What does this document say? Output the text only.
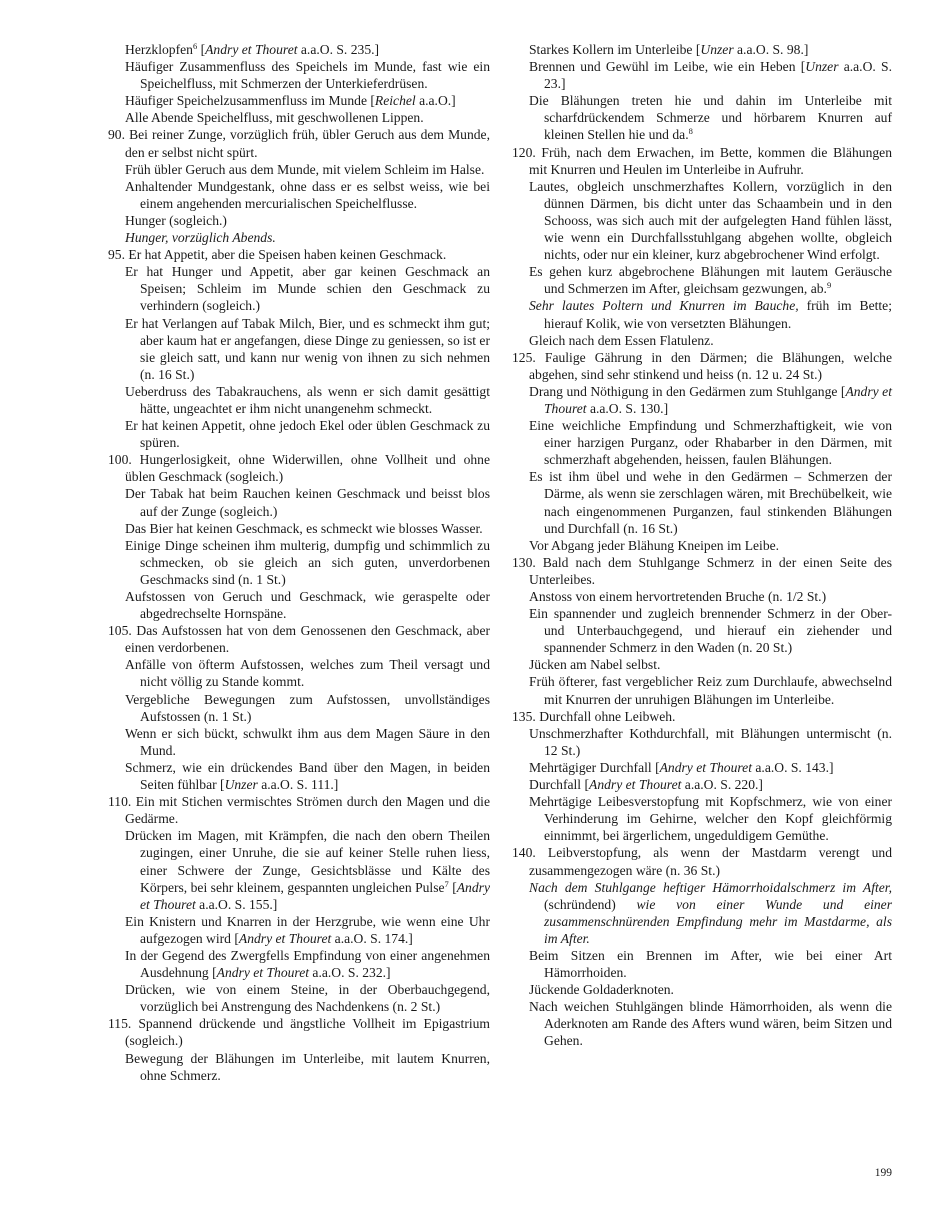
Herzklopfen$^6$ [Andry et Thouret a.a.O. S. 235.]
Häufiger Zusammenfluss des Speichels im Munde, fast wie ein Speichelfluss, mit Schmerzen der Unterkieferdrüsen.
Häufiger Speichelzusammenfluss im Munde [Reichel a.a.O.]
Alle Abende Speichelfluss, mit geschwollenen Lippen.
90. Bei reiner Zunge, vorzüglich früh, übler Geruch aus dem Munde, den er selbst nicht spürt.
Früh übler Geruch aus dem Munde, mit vielem Schleim im Halse.
Anhaltender Mundgestank, ohne dass er es selbst weiss, wie bei einem angehenden mercurialischen Speichelflusse.
Hunger (sogleich.)
Hunger, vorzüglich Abends.
95. Er hat Appetit, aber die Speisen haben keinen Geschmack.
Er hat Hunger und Appetit, aber gar keinen Geschmack an Speisen; Schleim im Munde schien den Geschmack zu verhindern (sogleich.)
Er hat Verlangen auf Tabak Milch, Bier, und es schmeckt ihm gut; aber kaum hat er angefangen, diese Dinge zu geniessen, so ist er sie gleich satt, und kann nur wenig von ihnen zu sich nehmen (n. 16 St.)
Ueberdruss des Tabakrauchens, als wenn er sich damit gesättigt hätte, ungeachtet er ihm nicht unangenehm schmeckt.
Er hat keinen Appetit, ohne jedoch Ekel oder üblen Geschmack zu spüren.
100. Hungerlosigkeit, ohne Widerwillen, ohne Vollheit und ohne üblen Geschmack (sogleich.)
Der Tabak hat beim Rauchen keinen Geschmack und beisst blos auf der Zunge (sogleich.)
Das Bier hat keinen Geschmack, es schmeckt wie blosses Wasser.
Einige Dinge scheinen ihm multerig, dumpfig und schimmlich zu schmecken, ob sie gleich an sich guten, unverdorbenen Geschmacks sind (n. 1 St.)
Aufstossen von Geruch und Geschmack, wie geraspelte oder abgedrechselte Hornspäne.
105. Das Aufstossen hat von dem Genossenen den Geschmack, aber einen verdorbenen.
Anfälle von öfterm Aufstossen, welches zum Theil versagt und nicht völlig zu Stande kommt.
Vergebliche Bewegungen zum Aufstossen, unvollständiges Aufstossen (n. 1 St.)
Wenn er sich bückt, schwulkt ihm aus dem Magen Säure in den Mund.
Schmerz, wie ein drückendes Band über den Magen, in beiden Seiten fühlbar [Unzer a.a.O. S. 111.]
110. Ein mit Stichen vermischtes Strömen durch den Magen und die Gedärme.
Drücken im Magen, mit Krämpfen, die nach den obern Theilen zugingen, einer Unruhe, die sie auf keiner Stelle ruhen liess, einer Schwere der Zunge, Gesichtsblässe und Kälte des Körpers, bei sehr kleinem, gespannten ungleichen Pulse$^7$ [Andry et Thouret a.a.O. S. 155.]
Ein Knistern und Knarren in der Herzgrube, wie wenn eine Uhr aufgezogen wird [Andry et Thouret a.a.O. S. 174.]
In der Gegend des Zwergfells Empfindung von einer angenehmen Ausdehnung [Andry et Thouret a.a.O. S. 232.]
Drücken, wie von einem Steine, in der Oberbauchgegend, vorzüglich bei Anstrengung des Nachdenkens (n. 2 St.)
115. Spannend drückende und ängstliche Vollheit im Epigastrium (sogleich.)
Bewegung der Blähungen im Unterleibe, mit lautem Knurren, ohne Schmerz.
Starkes Kollern im Unterleibe [Unzer a.a.O. S. 98.]
Brennen und Gewühl im Leibe, wie ein Heben [Unzer a.a.O. S. 23.]
Die Blähungen treten hie und dahin im Unterleibe mit scharfdrückendem Schmerze und hörbarem Knurren auf kleinen Stellen hie und da.$^8$
120. Früh, nach dem Erwachen, im Bette, kommen die Blähungen mit Knurren und Heulen im Unterleibe in Aufruhr.
Lautes, obgleich unschmerzhaftes Kollern, vorzüglich in den dünnen Därmen, bis dicht unter das Schaambein und in den Schooss, was sich auch mit der aufgelegten Hand fühlen lässt, wie wenn ein Durchfallsstuhlgang abgehen wollte, obgleich nichts, oder nur ein kleiner, kurz abgebrochener Wind erfolgt.
Es gehen kurz abgebrochene Blähungen mit lautem Geräusche und Schmerzen im After, gleichsam gezwungen, ab.$^9$
Sehr lautes Poltern und Knurren im Bauche, früh im Bette; hierauf Kolik, wie von versetzten Blähungen.
Gleich nach dem Essen Flatulenz.
125. Faulige Gährung in den Därmen; die Blähungen, welche abgehen, sind sehr stinkend und heiss (n. 12 u. 24 St.)
Drang und Nöthigung in den Gedärmen zum Stuhlgange [Andry et Thouret a.a.O. S. 130.]
Eine weichliche Empfindung und Schmerzhaftigkeit, wie von einer harzigen Purganz, oder Rhabarber in den Därmen, mit schmerzhaft abgehenden, heissen, faulen Blähungen.
Es ist ihm übel und wehe in den Gedärmen – Schmerzen der Därme, als wenn sie zerschlagen wären, mit Brechübelkeit, wie nach eingenommenen Purganzen, faul stinkenden Blähungen und Durchfall (n. 16 St.)
Vor Abgang jeder Blähung Kneipen im Leibe.
130. Bald nach dem Stuhlgange Schmerz in der einen Seite des Unterleibes.
Anstoss von einem hervortretenden Bruche (n. 1/2 St.)
Ein spannender und zugleich brennender Schmerz in der Ober- und Unterbauchgegend, und hierauf ein ziehender und spannender Schmerz in den Waden (n. 20 St.)
Jücken am Nabel selbst.
Früh öfterer, fast vergeblicher Reiz zum Durchlaufe, abwechselnd mit Knurren der unruhigen Blähungen im Unterleibe.
135. Durchfall ohne Leibweh.
Unschmerzhafter Kothdurchfall, mit Blähungen untermischt (n. 12 St.)
Mehrtägiger Durchfall [Andry et Thouret a.a.O. S. 143.]
Durchfall [Andry et Thouret a.a.O. S. 220.]
Mehrtägige Leibesverstopfung mit Kopfschmerz, wie von einer Verhinderung im Gehirne, welcher den Kopf gleichförmig einnimmt, bei ärgerlichem, ungeduldigem Gemüthe.
140. Leibverstopfung, als wenn der Mastdarm verengt und zusammengezogen wäre (n. 36 St.)
Nach dem Stuhlgange heftiger Hämorrhoidalschmerz im After, (schründend) wie von einer Wunde und einer zusammenschnürenden Empfindung mehr im Mastdarme, als im After.
Beim Sitzen ein Brennen im After, wie bei einer Art Hämorrhoiden.
Jückende Goldaderknoten.
Nach weichen Stuhlgängen blinde Hämorrhoiden, als wenn die Aderknoten am Rande des Afters wund wären, beim Sitzen und Gehen.
199
